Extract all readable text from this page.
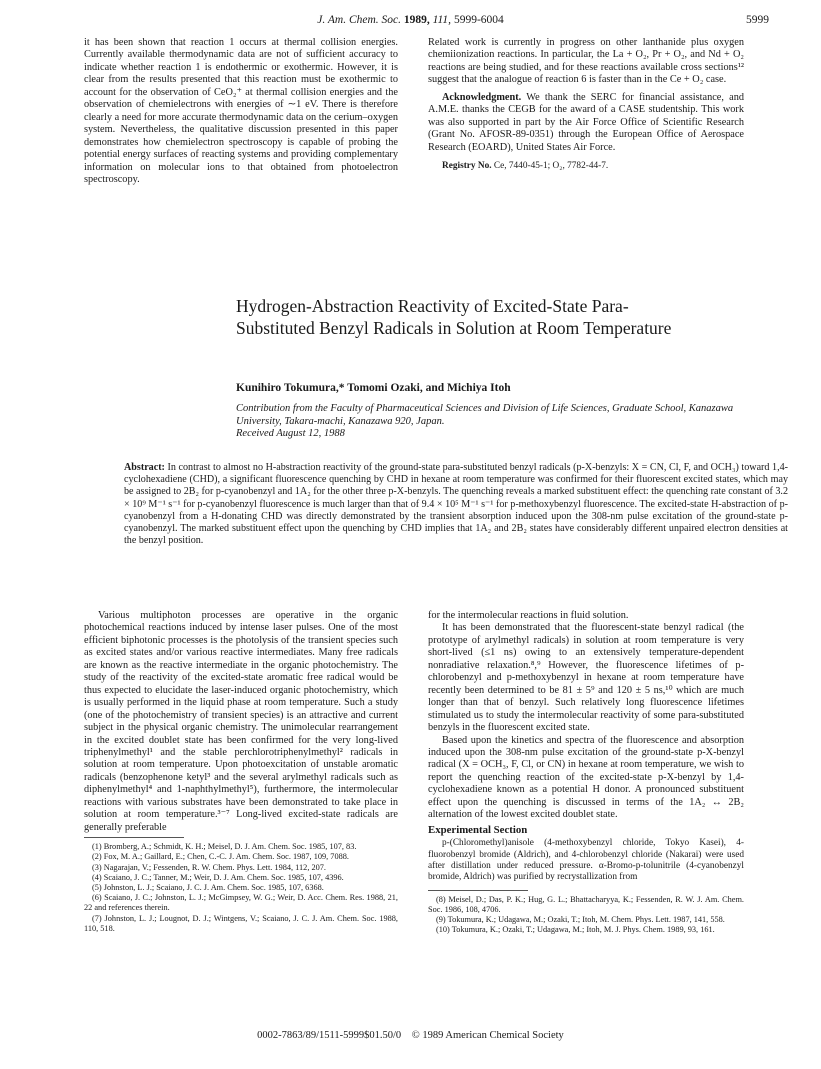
J. Am. Chem. Soc. 1989, 111, 5999-6004	5999

it has been shown that reaction 1 occurs at thermal collision energies. Currently available thermodynamic data are not of sufficient accuracy to indicate whether reaction 1 is endothermic or exothermic. However, it is clear from the results presented that this reaction must be exothermic to account for the observation of CeO₂⁺ at thermal collision energies and the observation of chemielectrons with energies of ∼1 eV. There is therefore clearly a need for more accurate thermodynamic data on the cerium–oxygen system. Nevertheless, the qualitative discussion presented in this paper demonstrates how chemielectron spectroscopy is capable of probing the potential energy surfaces of reacting systems and providing complementary information on molecular ions to that obtained from photoelectron spectroscopy.

Related work is currently in progress on other lanthanide plus oxygen chemiionization reactions. In particular, the La + O₂, Pr + O₂, and Nd + O₂ reactions are being studied, and for these reactions available cross sections¹² suggest that the analogue of reaction 6 is faster than in the Ce + O₂ case.

Acknowledgment. We thank the SERC for financial assistance, and A.M.E. thanks the CEGB for the award of a CASE studentship. This work was also supported in part by the Air Force Office of Scientific Research (Grant No. AFOSR-89-0351) through the European Office of Aerospace Research (EOARD), United States Air Force.

Registry No. Ce, 7440-45-1; O₂, 7782-44-7.

Hydrogen-Abstraction Reactivity of Excited-State Para-Substituted Benzyl Radicals in Solution at Room Temperature
Kunihiro Tokumura,* Tomomi Ozaki, and Michiya Itoh
Contribution from the Faculty of Pharmaceutical Sciences and Division of Life Sciences, Graduate School, Kanazawa University, Takara-machi, Kanazawa 920, Japan.
Received August 12, 1988
Abstract: In contrast to almost no H-abstraction reactivity of the ground-state para-substituted benzyl radicals (p-X-benzyls: X = CN, Cl, F, and OCH₃) toward 1,4-cyclohexadiene (CHD), a significant fluorescence quenching by CHD in hexane at room temperature was confirmed for their fluorescent excited states, which may be assigned to 2B₂ for p-cyanobenzyl and 1A₂ for the other three p-X-benzyls. The quenching reveals a marked substituent effect: the quenching rate constant of 3.2 × 10⁹ M⁻¹ s⁻¹ for p-cyanobenzyl fluorescence is much larger than that of 9.4 × 10⁵ M⁻¹ s⁻¹ for p-methoxybenzyl fluorescence. The excited-state H-abstraction of p-cyanobenzyl from a H-donating CHD was directly demonstrated by the transient absorption induced upon the 308-nm pulse excitation of the ground-state p-cyanobenzyl. The marked substituent effect upon the quenching by CHD implies that 1A₂ and 2B₂ states have considerably different unpaired electron densities at the benzyl position.

Various multiphoton processes are operative in the organic photochemical reactions induced by intense laser pulses. One of the most efficient biphotonic processes is the photolysis of the transient species such as excited states and/or various reactive intermediates. Many free radicals are known as the reactive intermediate in the organic photochemistry. The study of the reactivity of the excited-state aromatic free radical would be thus expected to elucidate the laser-induced organic photochemistry, which is usually performed in the liquid phase at room temperature. Such a study (one of the photochemistry of transient species) is an attractive and current subject in the physical organic chemistry. The unimolecular rearrangement in the excited doublet state has been confirmed for the very long-lived triphenylmethyl¹ and the stable perchlorotriphenylmethyl² radicals in solution at room temperature. Upon photoexcitation of unstable aromatic radicals (benzophenone ketyl³ and the several arylmethyl radicals such as diphenylmethyl⁴ and 1-naphthylmethyl⁵), furthermore, the intermolecular reactions with various substrates have been demonstrated to take place in solution at room temperature.³⁻⁷ Long-lived excited-state radicals are generally preferable

(1) Bromberg, A.; Schmidt, K. H.; Meisel, D. J. Am. Chem. Soc. 1985, 107, 83.

(2) Fox, M. A.; Gaillard, E.; Chen, C.-C. J. Am. Chem. Soc. 1987, 109, 7088.

(3) Nagarajan, V.; Fessenden, R. W. Chem. Phys. Lett. 1984, 112, 207.

(4) Scaiano, J. C.; Tanner, M.; Weir, D. J. Am. Chem. Soc. 1985, 107, 4396.

(5) Johnston, L. J.; Scaiano, J. C. J. Am. Chem. Soc. 1985, 107, 6368.

(6) Scaiano, J. C.; Johnston, L. J.; McGimpsey, W. G.; Weir, D. Acc. Chem. Res. 1988, 21, 22 and references therein.

(7) Johnston, L. J.; Lougnot, D. J.; Wintgens, V.; Scaiano, J. C. J. Am. Chem. Soc. 1988, 110, 518.

for the intermolecular reactions in fluid solution.

It has been demonstrated that the fluorescent-state benzyl radical (the prototype of arylmethyl radicals) in solution at room temperature is very short-lived (≤1 ns) owing to an extensively temperature-dependent nonradiative relaxation.⁸,⁹ However, the fluorescence lifetimes of p-chlorobenzyl and p-methoxybenzyl in hexane at room temperature have recently been determined to be 81 ± 5⁹ and 120 ± 5 ns,¹⁰ which are much longer than that of benzyl. Such relatively long fluorescence lifetimes stimulated us to study the intermolecular reactivity of some para-substituted benzyls in the fluorescent excited state.

Based upon the kinetics and spectra of the fluorescence and absorption induced upon the 308-nm pulse excitation of the ground-state p-X-benzyl radical (X = OCH₃, F, Cl, or CN) in hexane at room temperature, we wish to report the quenching reaction of the excited-state p-X-benzyl by 1,4-cyclohexadiene known as a potential H donor. A pronounced substituent effect upon the quenching is discussed in terms of the 1A₂ ↔ 2B₂ alternation of the lowest excited doublet state.

Experimental Section

p-(Chloromethyl)anisole (4-methoxybenzyl chloride, Tokyo Kasei), 4-fluorobenzyl bromide (Aldrich), and 4-chlorobenzyl chloride (Nakarai) were used after distillation under reduced pressure. α-Bromo-p-tolunitrile (4-cyanobenzyl bromide, Aldrich) was purified by recrystallization from

(8) Meisel, D.; Das, P. K.; Hug, G. L.; Bhattacharyya, K.; Fessenden, R. W. J. Am. Chem. Soc. 1986, 108, 4706.

(9) Tokumura, K.; Udagawa, M.; Ozaki, T.; Itoh, M. Chem. Phys. Lett. 1987, 141, 558.

(10) Tokumura, K.; Ozaki, T.; Udagawa, M.; Itoh, M. J. Phys. Chem. 1989, 93, 161.

0002-7863/89/1511-5999$01.50/0 © 1989 American Chemical Society
